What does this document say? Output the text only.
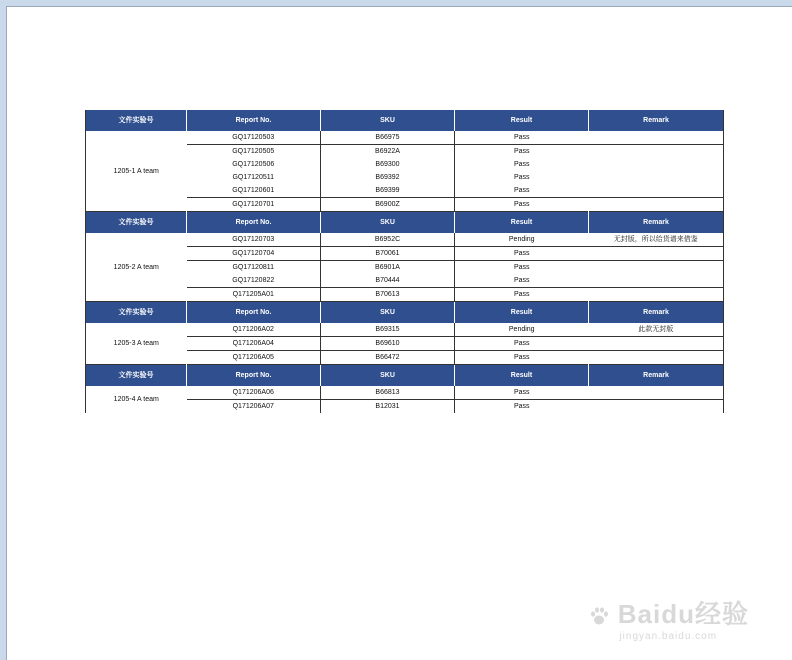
文件实验号	Report No.	SKU	Result	Remark
1205-1 A team	GQ17120503	B66975	Pass	
	GQ17120505	B6922A	Pass	
	GQ17120506	B69300	Pass	
	GQ17120511	B69392	Pass	
	GQ17120601	B69399	Pass	
	GQ17120701	B6900Z	Pass	
文件实验号	Report No.	SKU	Result	Remark
1205-2 A team	GQ17120703	B6952C	Pending	无封版，所以给货谱来借鉴
	GQ17120704	B70061	Pass	
	GQ17120811	B6901A	Pass	
	GQ17120822	B70444	Pass	
	Q171205A01	B70613	Pass	
文件实验号	Report No.	SKU	Result	Remark
1205-3 A team	Q171206A02	B69315	Pending	此款无封版
	Q171206A04	B69610	Pass	
	Q171206A05	B66472	Pass	
文件实验号	Report No.	SKU	Result	Remark
1205-4 A team	Q171206A06	B66813	Pass	
	Q171206A07	B12031	Pass	
Baidu经验
jingyan.baidu.com
